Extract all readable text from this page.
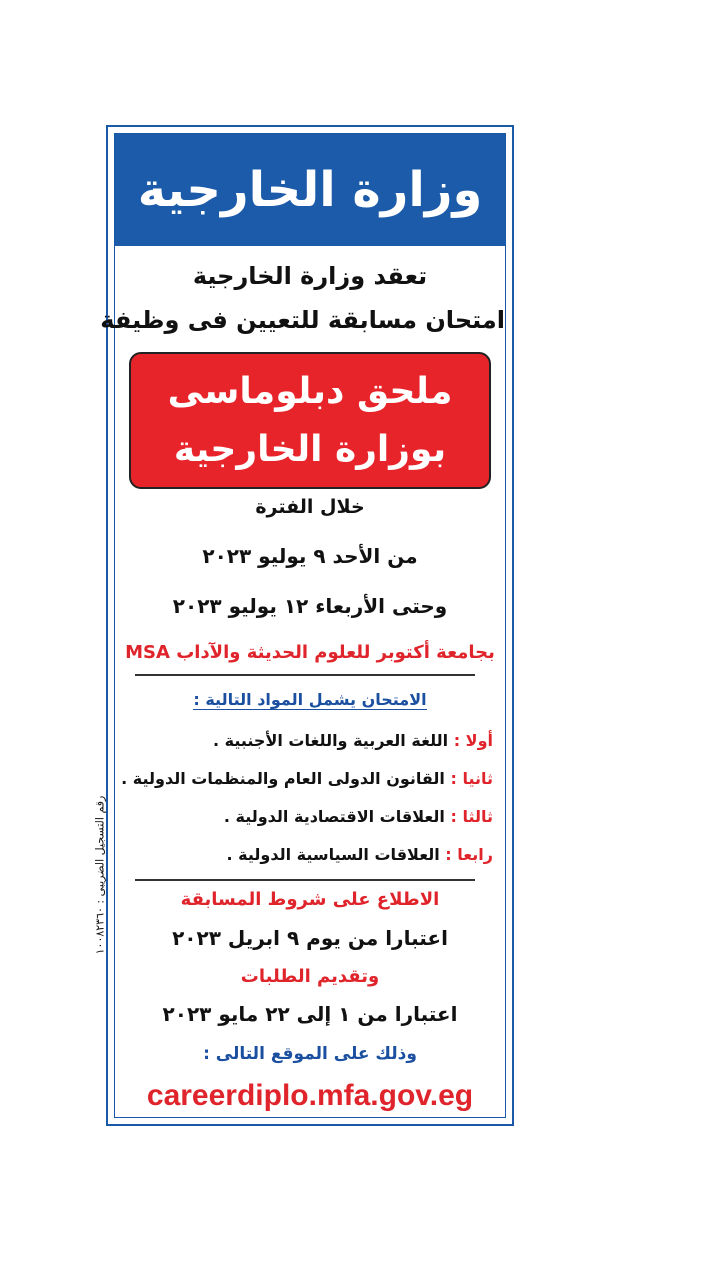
وزارة الخارجية
تعقد وزارة الخارجية
امتحان مسابقة للتعيين فى وظيفة
ملحق دبلوماسى
بوزارة الخارجية
خلال الفترة
من الأحد ٩ يوليو ٢٠٢٣
وحتى الأربعاء ١٢ يوليو ٢٠٢٣
بجامعة أكتوبر للعلوم الحديثة والآداب MSA
الامتحان يشمل المواد التالية :
أولا : اللغة العربية واللغات الأجنبية .
ثانيا : القانون الدولى العام والمنظمات الدولية .
ثالثا : العلاقات الاقتصادية الدولية .
رابعا : العلاقات السياسية الدولية .
الاطلاع على شروط المسابقة
اعتبارا من يوم ٩ ابريل ٢٠٢٣
وتقديم الطلبات
اعتبارا من ١ إلى ٢٢ مايو ٢٠٢٣
وذلك على الموقع التالى :
careerdiplo.mfa.gov.eg
رقم التسجيل الضريبى : ١٠٠٨٢٣٦٠
